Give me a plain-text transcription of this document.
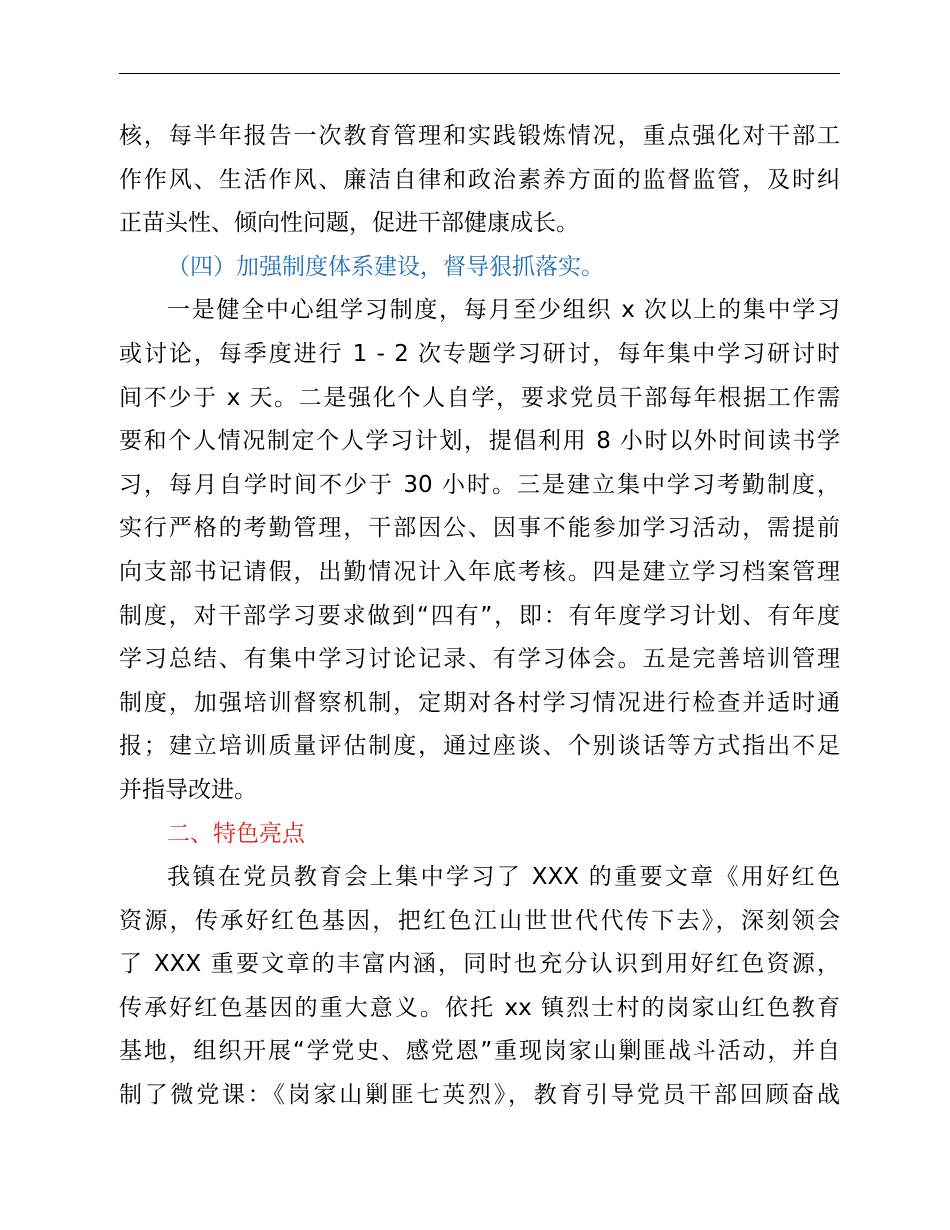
核，每半年报告一次教育管理和实践锻炼情况，重点强化对干部工
作作风、生活作风、廉洁自律和政治素养方面的监督监管，及时纠
正苗头性、倾向性问题，促进干部健康成长。
（四）加强制度体系建设，督导狠抓落实。
一是健全中心组学习制度，每月至少组织 x 次以上的集中学习
或讨论，每季度进行 1 - 2 次专题学习研讨，每年集中学习研讨时
间不少于 x 天。二是强化个人自学，要求党员干部每年根据工作需
要和个人情况制定个人学习计划，提倡利用 8 小时以外时间读书学
习，每月自学时间不少于 30 小时。三是建立集中学习考勤制度，
实行严格的考勤管理，干部因公、因事不能参加学习活动，需提前
向支部书记请假，出勤情况计入年底考核。四是建立学习档案管理
制度，对干部学习要求做到“四有”，即：有年度学习计划、有年度
学习总结、有集中学习讨论记录、有学习体会。五是完善培训管理
制度，加强培训督察机制，定期对各村学习情况进行检查并适时通
报；建立培训质量评估制度，通过座谈、个别谈话等方式指出不足
并指导改进。
二、特色亮点
我镇在党员教育会上集中学习了 XXX 的重要文章《用好红色
资源，传承好红色基因，把红色江山世世代代传下去》，深刻领会
了 XXX 重要文章的丰富内涵，同时也充分认识到用好红色资源，
传承好红色基因的重大意义。依托 xx 镇烈士村的岗家山红色教育
基地，组织开展“学党史、感党恩”重现岗家山剿匪战斗活动，并自
制了微党课：《岗家山剿匪七英烈》，教育引导党员干部回顾奋战
